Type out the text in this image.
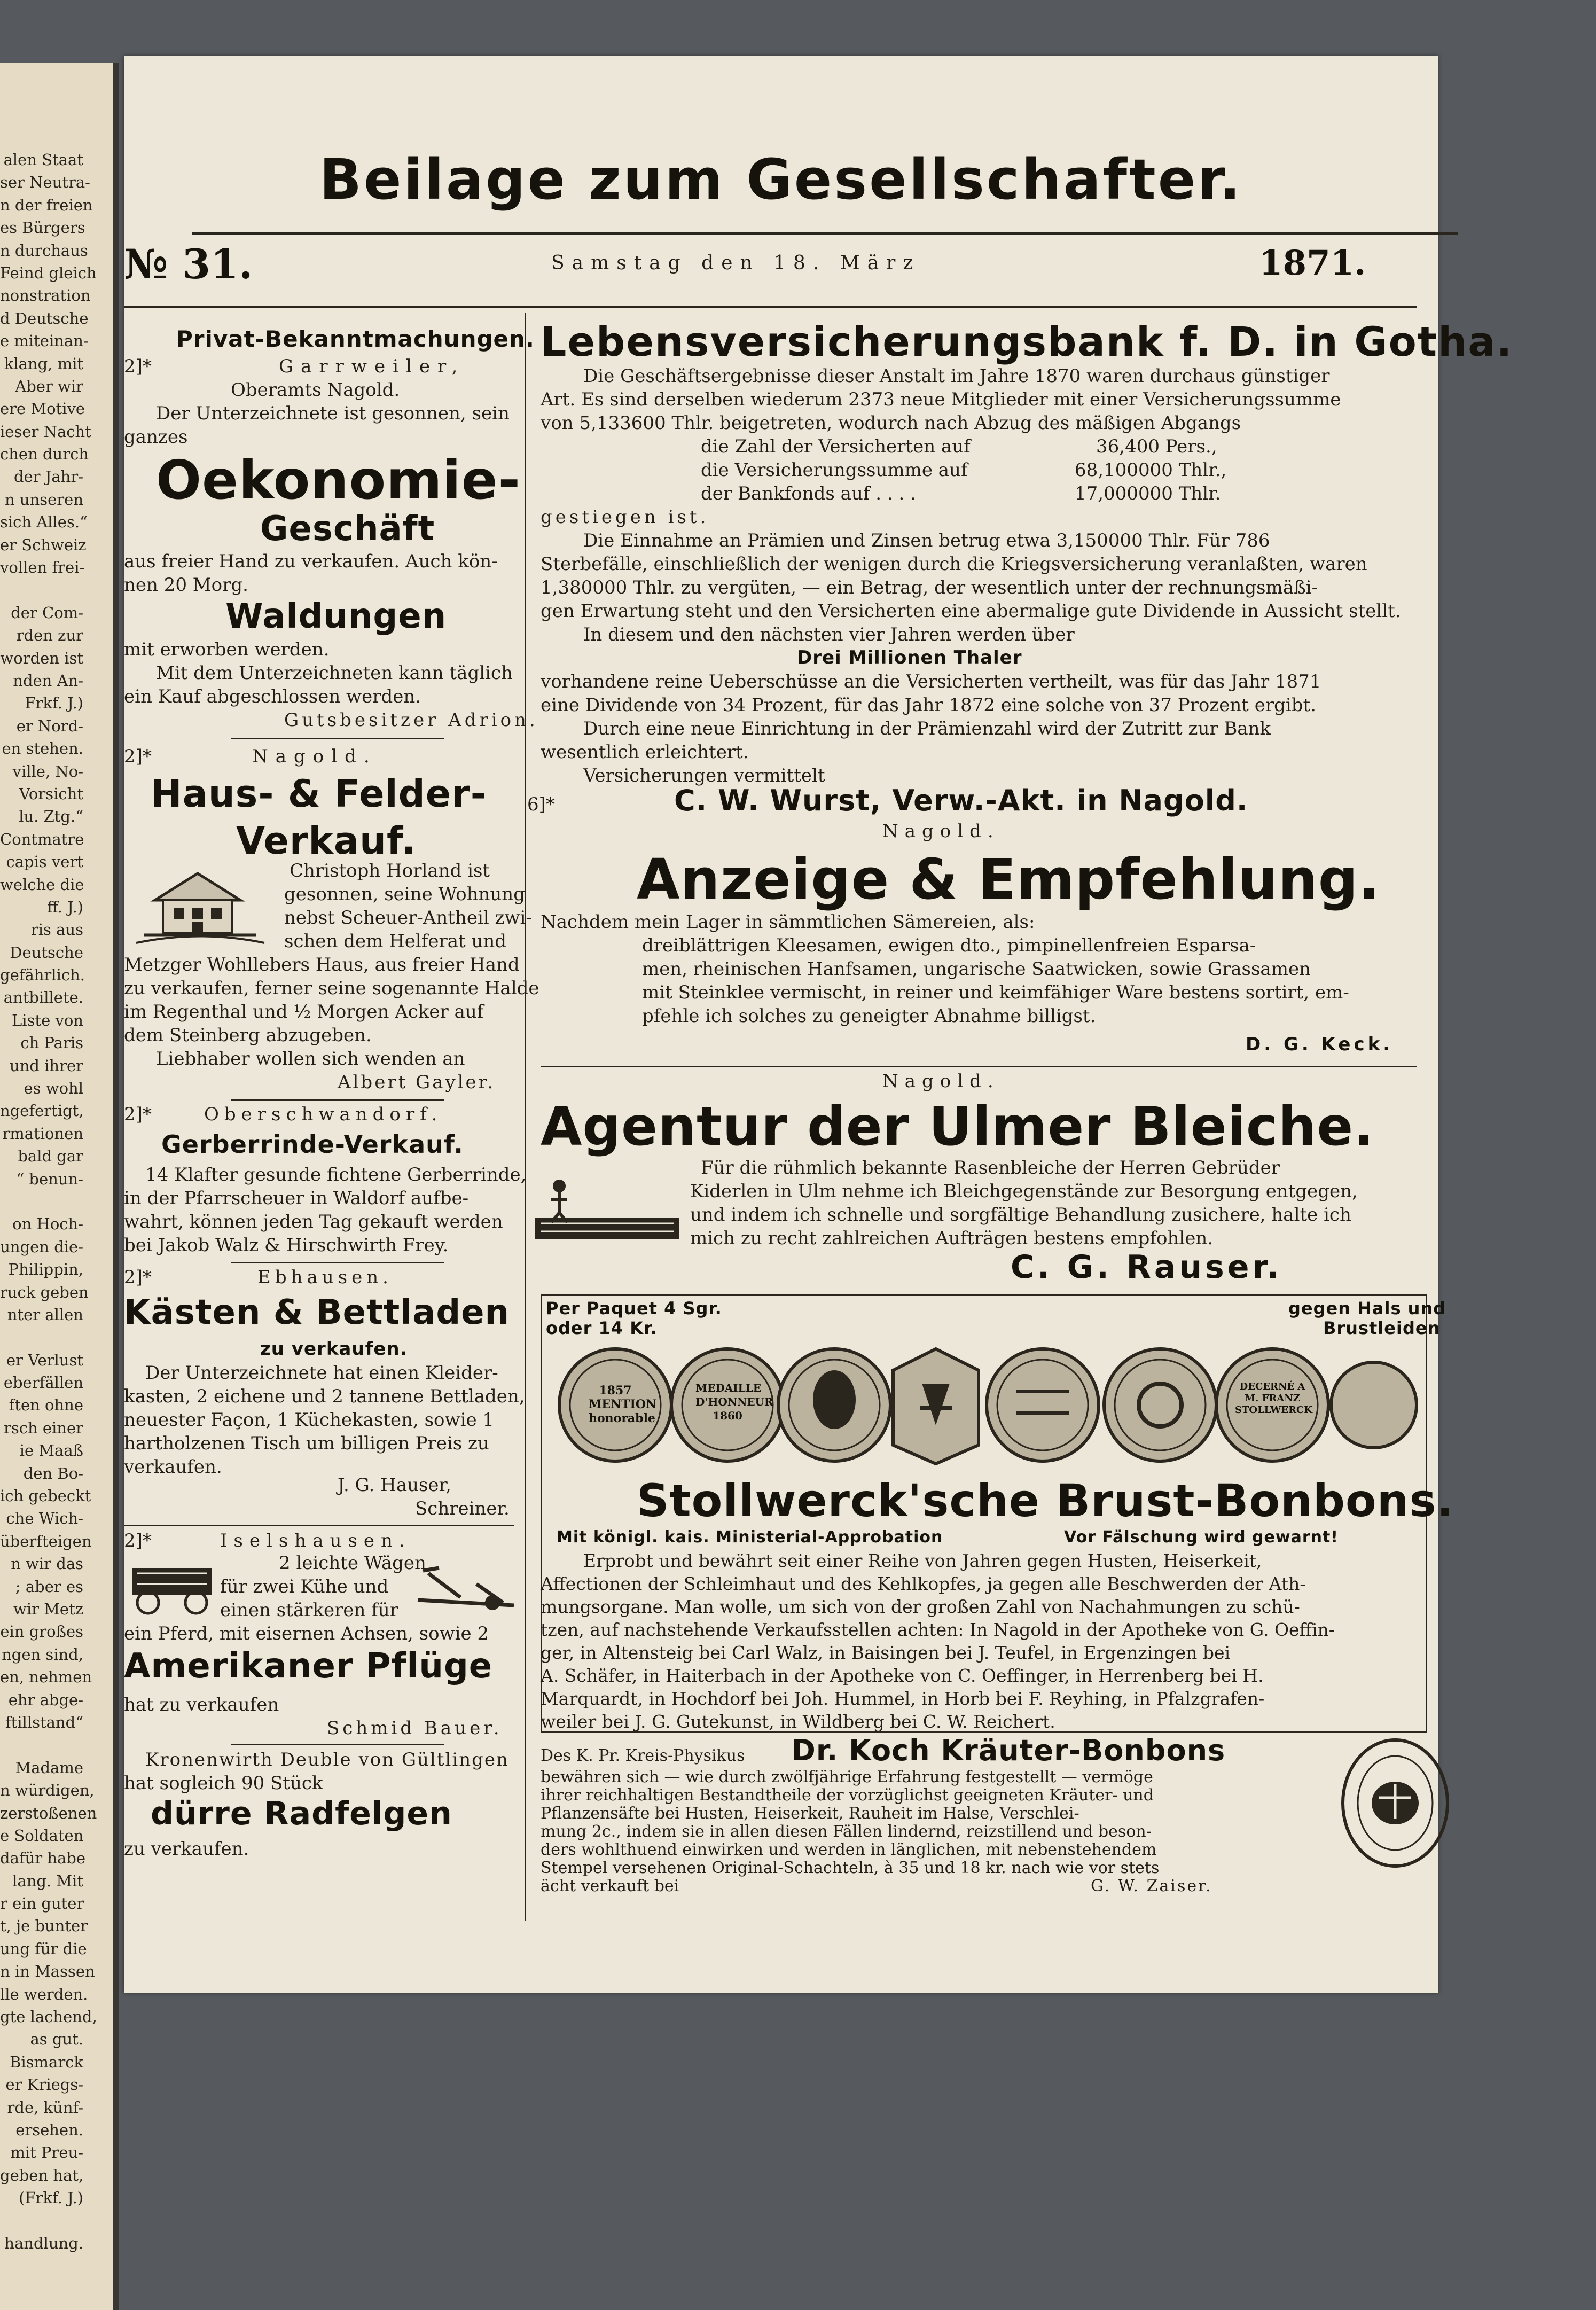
alen Staat
ser Neutra-
n der freien
es Bürgers
n durchaus
Feind gleich
nonstration
d Deutsche
e miteinan-
klang, mit
Aber wir
ere Motive
ieser Nacht
chen durch
der Jahr-
n unseren
sich Alles.“
er Schweiz
vollen frei-
der Com-
rden zur
worden ist
nden An-
Frkf. J.)
er Nord-
en stehen.
ville, No-
Vorsicht
lu. Ztg.“
Contmatre
capis vert
welche die
ff. J.)
ris aus
Deutsche
gefährlich.
antbillete.
Liste von
ch Paris
und ihrer
es wohl
ngefertigt,
rmationen
bald gar
“ benun-
on Hoch-
ungen die-
Philippin,
ruck geben
nter allen
er Verlust
eberfällen
ften ohne
rsch einer
ie Maaß
den Bo-
ich gebeckt
che Wich-
überfteigen
n wir das
; aber es
wir Metz
ein großes
ngen sind,
en, nehmen
ehr abge-
ftillstand“
Madame
n würdigen,
zerstoßenen
e Soldaten
dafür habe
lang. Mit
r ein guter
t, je bunter
ung für die
n in Massen
lle werden.
gte lachend,
as gut.
Bismarck
er Kriegs-
rde, künf-
ersehen.
mit Preu-
geben hat,
(Frkf. J.)
handlung.
Beilage zum Gesellschafter.
№ 31.	Samstag den 18. März	1871.
Privat-Bekanntmachungen.
2]*	Garrweiler,
Oberamts Nagold.
Der Unterzeichnete ist gesonnen, sein
ganzes
Oekonomie-
Geschäft
aus freier Hand zu verkaufen. Auch kön-
nen 20 Morg.
Waldungen
mit erworben werden.
Mit dem Unterzeichneten kann täglich
ein Kauf abgeschlossen werden.
Gutsbesitzer Adrion.
2]*	Nagold.
Haus- & Felder-
Verkauf.
Christoph Horland ist
gesonnen, seine Wohnung
nebst Scheuer-Antheil zwi-
schen dem Helferat und
Metzger Wohllebers Haus, aus freier Hand
zu verkaufen, ferner seine sogenannte Halde
im Regenthal und ½ Morgen Acker auf
dem Steinberg abzugeben.
Liebhaber wollen sich wenden an
Albert Gayler.
2]*	Oberschwandorf.
Gerberrinde-Verkauf.
14 Klafter gesunde fichtene Gerberrinde,
in der Pfarrscheuer in Waldorf aufbe-
wahrt, können jeden Tag gekauft werden
bei Jakob Walz & Hirschwirth Frey.
2]*	Ebhausen.
Kästen & Bettladen
zu verkaufen.
Der Unterzeichnete hat einen Kleider-
kasten, 2 eichene und 2 tannene Bettladen,
neuester Façon, 1 Küchekasten, sowie 1
hartholzenen Tisch um billigen Preis zu
verkaufen.
J. G. Hauser,
Schreiner.
2]*	Iselshausen.
2 leichte Wägen
für zwei Kühe und
einen stärkeren für
ein Pferd, mit eisernen Achsen, sowie 2
Amerikaner Pflüge
hat zu verkaufen
Schmid Bauer.
Kronenwirth Deuble von Gültlingen
hat sogleich 90 Stück
dürre Radfelgen
zu verkaufen.
Lebensversicherungsbank f. D. in Gotha.
Die Geschäftsergebnisse dieser Anstalt im Jahre 1870 waren durchaus günstiger
Art. Es sind derselben wiederum 2373 neue Mitglieder mit einer Versicherungssumme
von 5,133600 Thlr. beigetreten, wodurch nach Abzug des mäßigen Abgangs
die Zahl der Versicherten auf	36,400 Pers.,
die Versicherungssumme auf	68,100000 Thlr.,
der Bankfonds auf . . . .	17,000000 Thlr.
gestiegen ist.
Die Einnahme an Prämien und Zinsen betrug etwa 3,150000 Thlr. Für 786
Sterbefälle, einschließlich der wenigen durch die Kriegsversicherung veranlaßten, waren
1,380000 Thlr. zu vergüten, — ein Betrag, der wesentlich unter der rechnungsmäßi-
gen Erwartung steht und den Versicherten eine abermalige gute Dividende in Aussicht stellt.
In diesem und den nächsten vier Jahren werden über
Drei Millionen Thaler
vorhandene reine Ueberschüsse an die Versicherten vertheilt, was für das Jahr 1871
eine Dividende von 34 Prozent, für das Jahr 1872 eine solche von 37 Prozent ergibt.
Durch eine neue Einrichtung in der Prämienzahl wird der Zutritt zur Bank
wesentlich erleichtert.
Versicherungen vermittelt
6]*	C. W. Wurst, Verw.-Akt. in Nagold.
Nagold.
Anzeige & Empfehlung.
Nachdem mein Lager in sämmtlichen Sämereien, als:
dreiblättrigen Kleesamen, ewigen dto., pimpinellenfreien Esparsa-
men, rheinischen Hanfsamen, ungarische Saatwicken, sowie Grassamen
mit Steinklee vermischt, in reiner und keimfähiger Ware bestens sortirt, em-
pfehle ich solches zu geneigter Abnahme billigst.
D. G. Keck.
Nagold.
Agentur der Ulmer Bleiche.
Für die rühmlich bekannte Rasenbleiche der Herren Gebrüder
Kiderlen in Ulm nehme ich Bleichgegenstände zur Besorgung entgegen,
und indem ich schnelle und sorgfältige Behandlung zusichere, halte ich
mich zu recht zahlreichen Aufträgen bestens empfohlen.
C. G. Rauser.
Per Paquet 4 Sgr.
oder 14 Kr.
gegen Hals und
Brustleiden
1857 MENTION honorable
MEDAILLE D'HONNEUR 1860
DECERNÉ A M. FRANZ STOLLWERCK
Stollwerck'sche Brust-Bonbons.
Mit königl. kais. Ministerial-Approbation	Vor Fälschung wird gewarnt!
Erprobt und bewährt seit einer Reihe von Jahren gegen Husten, Heiserkeit,
Affectionen der Schleimhaut und des Kehlkopfes, ja gegen alle Beschwerden der Ath-
mungsorgane. Man wolle, um sich von der großen Zahl von Nachahmungen zu schü-
tzen, auf nachstehende Verkaufsstellen achten: In Nagold in der Apotheke von G. Oeffin-
ger, in Altensteig bei Carl Walz, in Baisingen bei J. Teufel, in Ergenzingen bei
A. Schäfer, in Haiterbach in der Apotheke von C. Oeffinger, in Herrenberg bei H.
Marquardt, in Hochdorf bei Joh. Hummel, in Horb bei F. Reyhing, in Pfalzgrafen-
weiler bei J. G. Gutekunst, in Wildberg bei C. W. Reichert.
Des K. Pr. Kreis-Physikus Dr. Koch Kräuter-Bonbons
bewähren sich — wie durch zwölfjährige Erfahrung festgestellt — vermöge
ihrer reichhaltigen Bestandtheile der vorzüglichst geeigneten Kräuter- und
Pflanzensäfte bei Husten, Heiserkeit, Rauheit im Halse, Verschlei-
mung 2c., indem sie in allen diesen Fällen lindernd, reizstillend und beson-
ders wohlthuend einwirken und werden in länglichen, mit nebenstehendem
Stempel versehenen Original-Schachteln, à 35 und 18 kr. nach wie vor stets
ächt verkauft bei	G. W. Zaiser.
